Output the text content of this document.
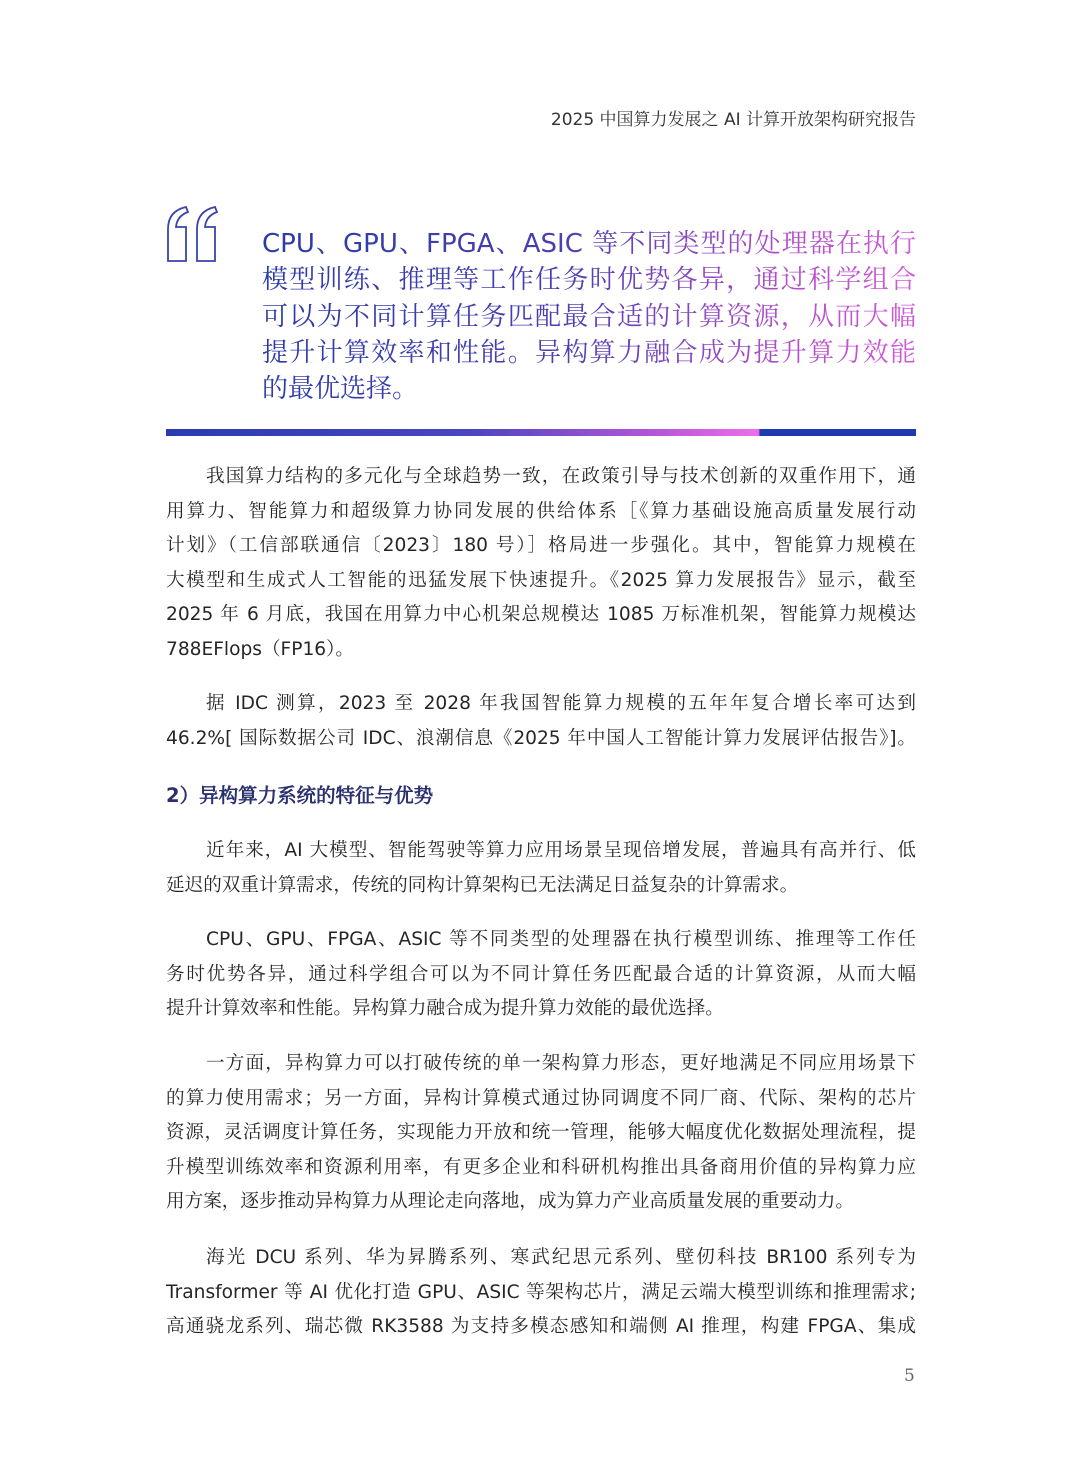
2025 中国算力发展之 AI 计算开放架构研究报告
CPU、GPU、FPGA、ASIC 等不同类型的处理器在执行
模型训练、推理等工作任务时优势各异，通过科学组合
可以为不同计算任务匹配最合适的计算资源，从而大幅
提升计算效率和性能。异构算力融合成为提升算力效能
的最优选择。
我国算力结构的多元化与全球趋势一致，在政策引导与技术创新的双重作用下，通
用算力、智能算力和超级算力协同发展的供给体系［《算力基础设施高质量发展行动
计划》（工信部联通信〔2023〕180 号）］格局进一步强化。其中，智能算力规模在
大模型和生成式人工智能的迅猛发展下快速提升。《2025 算力发展报告》显示，截至
2025 年 6 月底，我国在用算力中心机架总规模达 1085 万标准机架，智能算力规模达
788EFlops（FP16）。
据 IDC 测算，2023 至 2028 年我国智能算力规模的五年年复合增长率可达到
46.2%[ 国际数据公司 IDC、浪潮信息《2025 年中国人工智能计算力发展评估报告》]。
2）异构算力系统的特征与优势
近年来，AI 大模型、智能驾驶等算力应用场景呈现倍增发展，普遍具有高并行、低
延迟的双重计算需求，传统的同构计算架构已无法满足日益复杂的计算需求。
CPU、GPU、FPGA、ASIC 等不同类型的处理器在执行模型训练、推理等工作任
务时优势各异，通过科学组合可以为不同计算任务匹配最合适的计算资源，从而大幅
提升计算效率和性能。异构算力融合成为提升算力效能的最优选择。
一方面，异构算力可以打破传统的单一架构算力形态，更好地满足不同应用场景下
的算力使用需求；另一方面，异构计算模式通过协同调度不同厂商、代际、架构的芯片
资源，灵活调度计算任务，实现能力开放和统一管理，能够大幅度优化数据处理流程，提
升模型训练效率和资源利用率，有更多企业和科研机构推出具备商用价值的异构算力应
用方案，逐步推动异构算力从理论走向落地，成为算力产业高质量发展的重要动力。
海光 DCU 系列、华为昇腾系列、寒武纪思元系列、壁仞科技 BR100 系列专为
Transformer 等 AI 优化打造 GPU、ASIC 等架构芯片，满足云端大模型训练和推理需求;
高通骁龙系列、瑞芯微 RK3588 为支持多模态感知和端侧 AI 推理，构建 FPGA、集成
5
